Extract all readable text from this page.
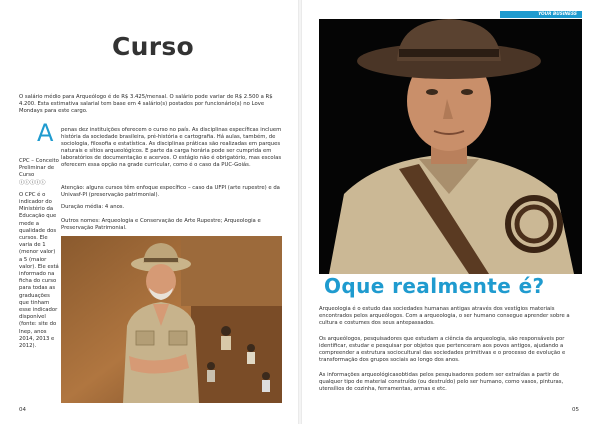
Curso

O salário médio para Arqueólogo é de R$ 3.425/mensal. O salário pode variar de R$ 2.500 a R$ 4.200. Esta estimativa salarial tem base em 4 salário(s) postados por funcionário(s) no Love Mondays para este cargo.

A penas dez instituições oferecem o curso no país. As disciplinas específicas incluem história da sociedade brasileira, pré-história e cartografia. Há aulas, também, de sociologia, filosofia e estatística. As disciplinas práticas são realizadas em parques naturais e sítios arqueológicos. E parte da carga horária pode ser cumprida em laboratórios de documentação e acervos. O estágio não é obrigatório, mas escolas oferecem essa opção na grade curricular, como é o caso da PUC-Goiás.

CPC – Conceito Preliminar de Curso ⓘⓘⓘⓘⓘ

O CPC é o indicador do Ministério da Educação que mede a qualidade dos cursos. Ele varia de 1 (menor valor) a 5 (maior valor). Ele está informado na ficha do curso para todas as graduações que tinham esse indicador disponível (fonte: site do Inep, anos 2014, 2013 e 2012).

Atenção: alguns cursos têm enfoque específico – caso da UFPI (arte rupestre) e da Univasf-PI (preservação patrimonial).

Duração média: 4 anos.

Outros nomes: Arqueologia e Conservação de Arte Rupestre; Arqueologia e Preservação Patrimonial.

04
YOUR BUSINESS
Oque realmente é?

Arqueologia é o estudo das sociedades humanas antigas através dos vestígios materiais encontrados pelos arqueólogos. Com a arqueologia, o ser humano consegue aprender sobre a cultura e costumes dos seus antepassados.

Os arqueólogos, pesquisadores que estudam a ciência da arqueologia, são responsáveis por identificar, estudar e pesquisar por objetos que pertenceram aos povos antigos, ajudando a compreender a estrutura sociocultural das sociedades primitivas e o processo de evolução e transformação dos grupos sociais ao longo dos anos.

As informações arqueológicasobtidas pelos pesquisadores podem ser extraídas a partir de qualquer tipo de material construído (ou destruído) pelo ser humano, como vasos, pinturas, utensílios de cozinha, ferramentas, armas e etc.

05
